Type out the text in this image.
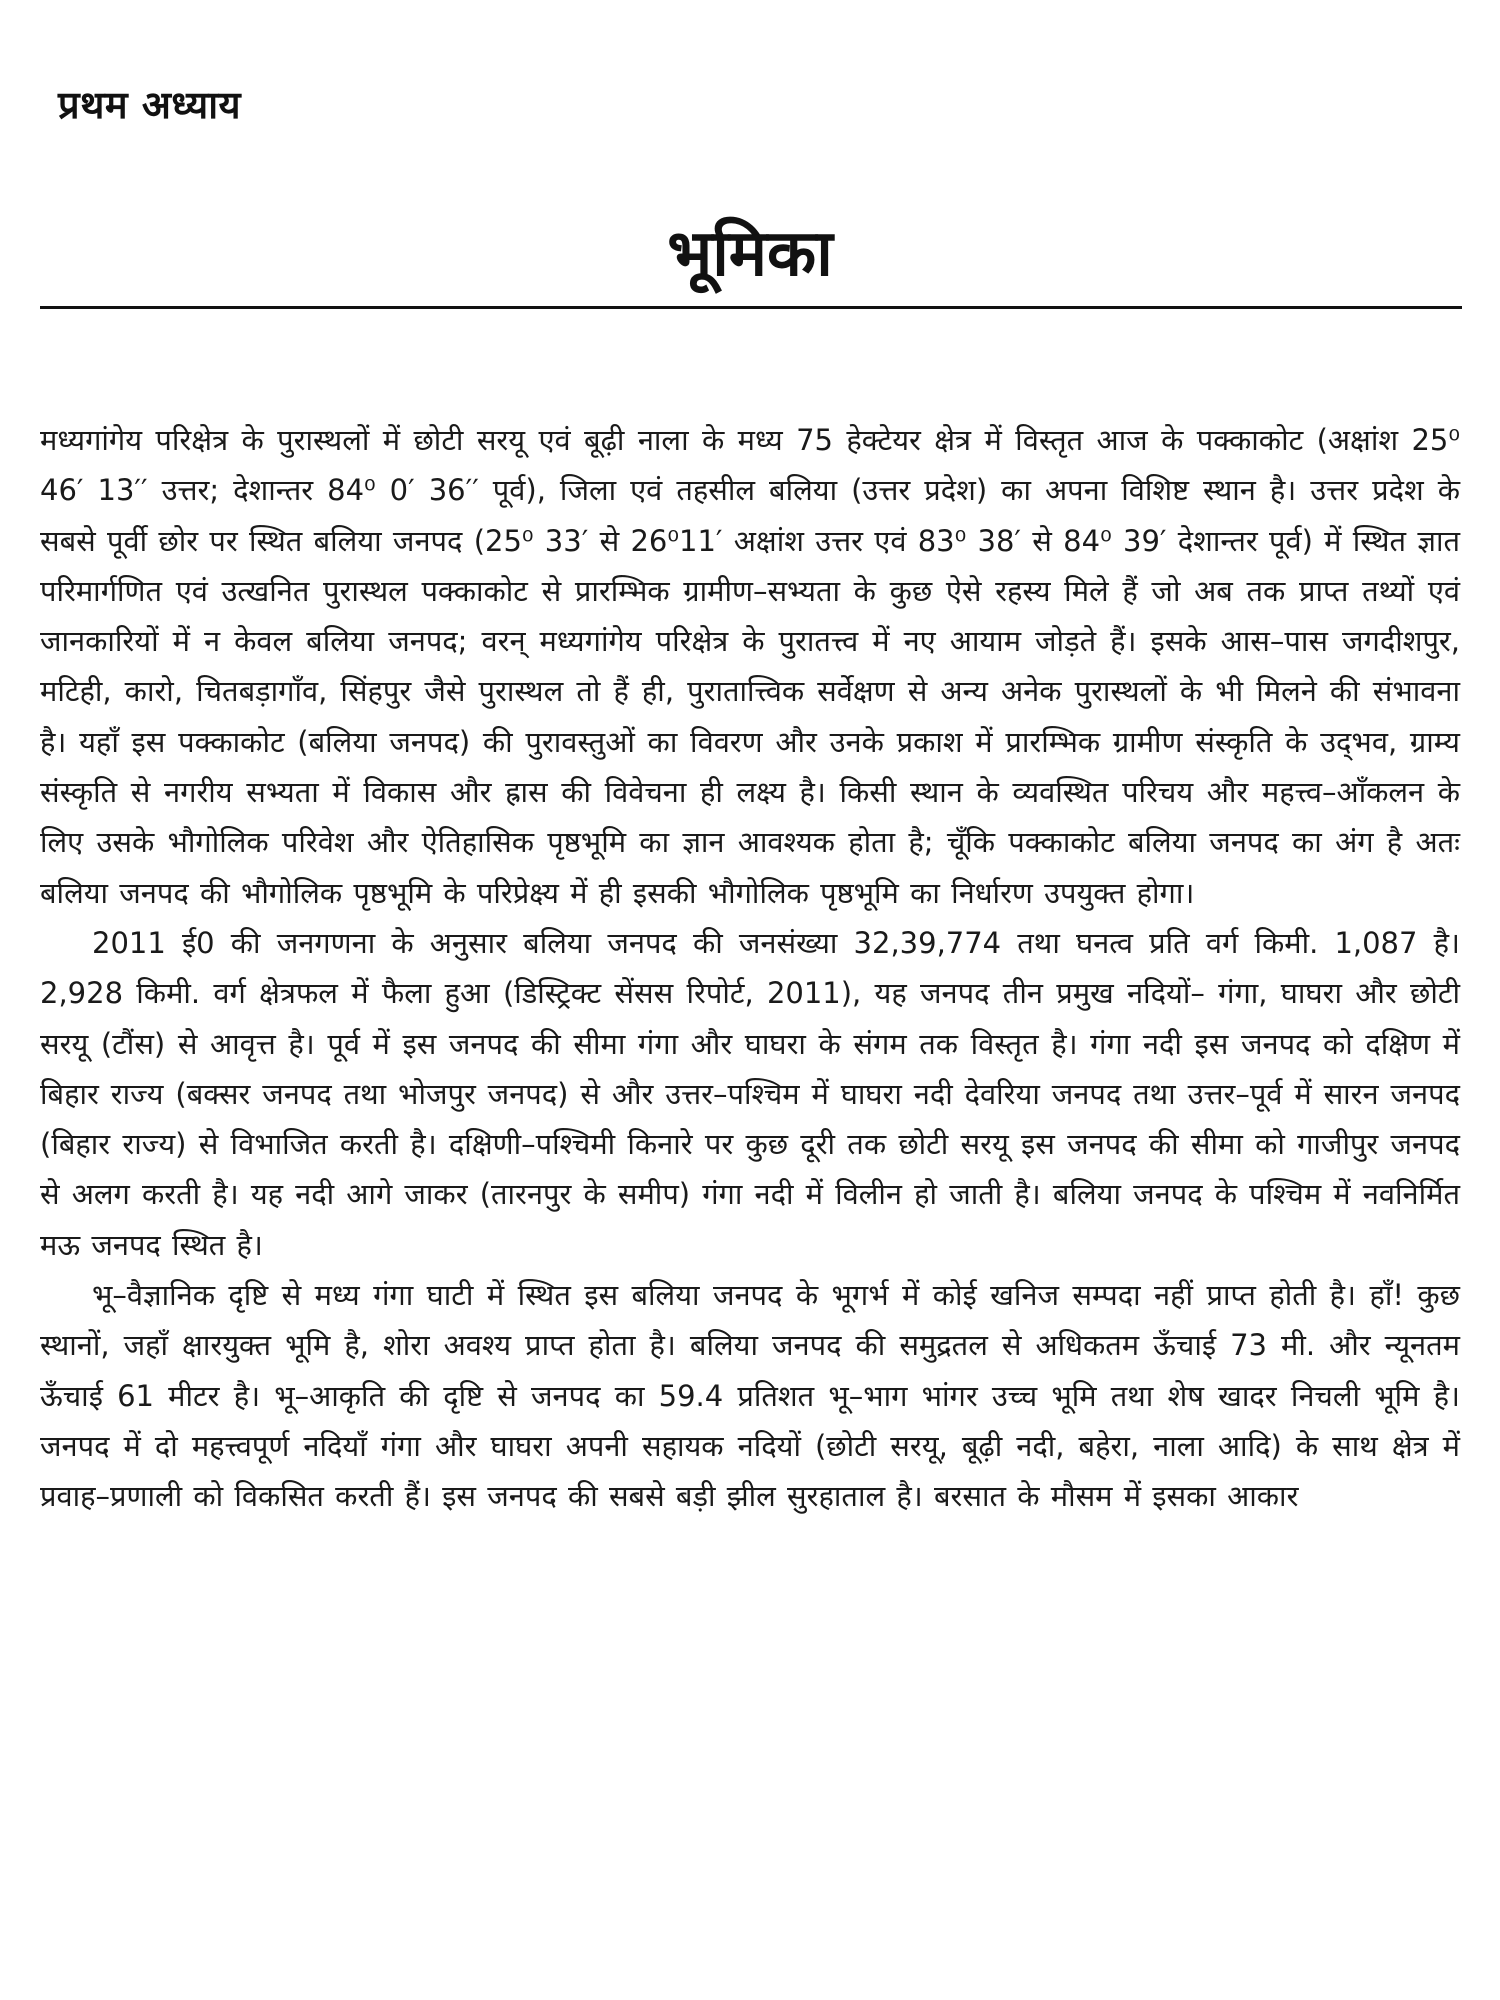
प्रथम अध्याय
भूमिका

मध्यगांगेय परिक्षेत्र के पुरास्थलों में छोटी सरयू एवं बूढ़ी नाला के मध्य 75 हेक्टेयर क्षेत्र में विस्तृत आज के पक्काकोट (अक्षांश 25⁰ 46′ 13′′ उत्तर; देशान्तर 84⁰ 0′ 36′′ पूर्व), जिला एवं तहसील बलिया (उत्तर प्रदेश) का अपना विशिष्ट स्थान है। उत्तर प्रदेश के सबसे पूर्वी छोर पर स्थित बलिया जनपद (25⁰ 33′ से 26⁰11′ अक्षांश उत्तर एवं 83⁰ 38′ से 84⁰ 39′ देशान्तर पूर्व) में स्थित ज्ञात परिमार्गणित एवं उत्खनित पुरास्थल पक्काकोट से प्रारम्भिक ग्रामीण–सभ्यता के कुछ ऐसे रहस्य मिले हैं जो अब तक प्राप्त तथ्यों एवं जानकारियों में न केवल बलिया जनपद; वरन् मध्यगांगेय परिक्षेत्र के पुरातत्त्व में नए आयाम जोड़ते हैं। इसके आस–पास जगदीशपुर, मटिही, कारो, चितबड़ागाँव, सिंहपुर जैसे पुरास्थल तो हैं ही, पुरातात्त्विक सर्वेक्षण से अन्य अनेक पुरास्थलों के भी मिलने की संभावना है। यहाँ इस पक्काकोट (बलिया जनपद) की पुरावस्तुओं का विवरण और उनके प्रकाश में प्रारम्भिक ग्रामीण संस्कृति के उद्‌भव, ग्राम्य संस्कृति से नगरीय सभ्यता में विकास और ह्रास की विवेचना ही लक्ष्य है। किसी स्थान के व्यवस्थित परिचय और महत्त्व–आँकलन के लिए उसके भौगोलिक परिवेश और ऐतिहासिक पृष्ठभूमि का ज्ञान आवश्यक होता है; चूँकि पक्काकोट बलिया जनपद का अंग है अतः बलिया जनपद की भौगोलिक पृष्ठभूमि के परिप्रेक्ष्य में ही इसकी भौगोलिक पृष्ठभूमि का निर्धारण उपयुक्त होगा।

2011 ई0 की जनगणना के अनुसार बलिया जनपद की जनसंख्या 32,39,774 तथा घनत्व प्रति वर्ग किमी. 1,087 है। 2,928 किमी. वर्ग क्षेत्रफल में फैला हुआ (डिस्ट्रिक्ट सेंसस रिपोर्ट, 2011), यह जनपद तीन प्रमुख नदियों– गंगा, घाघरा और छोटी सरयू (टौंस) से आवृत्त है। पूर्व में इस जनपद की सीमा गंगा और घाघरा के संगम तक विस्तृत है। गंगा नदी इस जनपद को दक्षिण में बिहार राज्य (बक्सर जनपद तथा भोजपुर जनपद) से और उत्तर–पश्चिम में घाघरा नदी देवरिया जनपद तथा उत्तर–पूर्व में सारन जनपद (बिहार राज्य) से विभाजित करती है। दक्षिणी–पश्चिमी किनारे पर कुछ दूरी तक छोटी सरयू इस जनपद की सीमा को गाजीपुर जनपद से अलग करती है। यह नदी आगे जाकर (तारनपुर के समीप) गंगा नदी में विलीन हो जाती है। बलिया जनपद के पश्चिम में नवनिर्मित मऊ जनपद स्थित है।

भू–वैज्ञानिक दृष्टि से मध्य गंगा घाटी में स्थित इस बलिया जनपद के भूगर्भ में कोई खनिज सम्पदा नहीं प्राप्त होती है। हाँ! कुछ स्थानों, जहाँ क्षारयुक्त भूमि है, शोरा अवश्य प्राप्त होता है। बलिया जनपद की समुद्रतल से अधिकतम ऊँचाई 73 मी. और न्यूनतम ऊँचाई 61 मीटर है। भू–आकृति की दृष्टि से जनपद का 59.4 प्रतिशत भू–भाग भांगर उच्च भूमि तथा शेष खादर निचली भूमि है। जनपद में दो महत्त्वपूर्ण नदियाँ गंगा और घाघरा अपनी सहायक नदियों (छोटी सरयू, बूढ़ी नदी, बहेरा, नाला आदि) के साथ क्षेत्र में प्रवाह–प्रणाली को विकसित करती हैं। इस जनपद की सबसे बड़ी झील सुरहाताल है। बरसात के मौसम में इसका आकार
